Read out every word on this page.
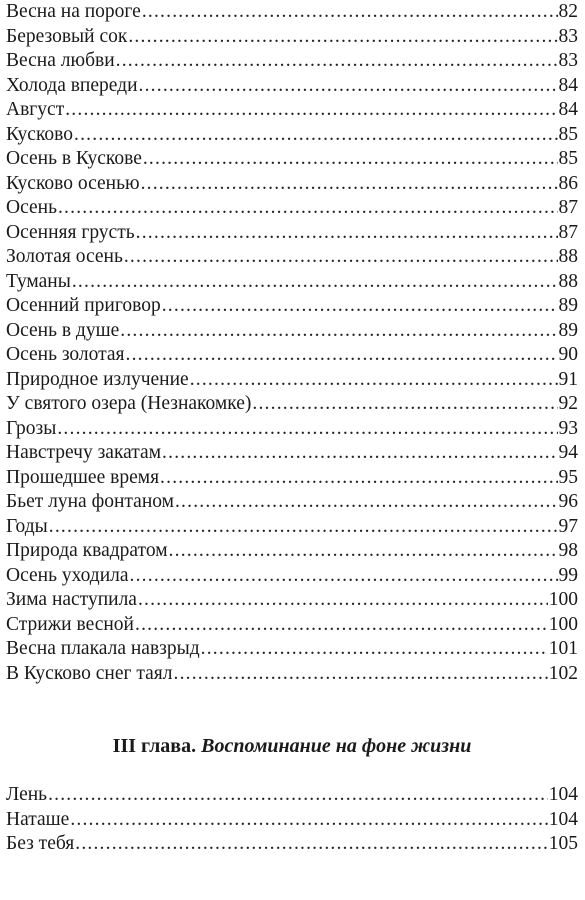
Весна на пороге .....	82
Березовый сок .....	83
Весна любви .....	83
Холода впереди .....	84
Август .....	84
Кусково .....	85
Осень в Кускове .....	85
Кусково осенью .....	86
Осень .....	87
Осенняя грусть .....	87
Золотая осень .....	88
Туманы .....	88
Осенний приговор .....	89
Осень в душе .....	89
Осень золотая .....	90
Природное излучение .....	91
У святого озера (Незнакомке) .....	92
Грозы .....	93
Навстречу закатам .....	94
Прошедшее время .....	95
Бьет луна фонтаном .....	96
Годы .....	97
Природа квадратом .....	98
Осень уходила .....	99
Зима наступила .....	100
Стрижи весной .....	100
Весна плакала навзрыд .....	101
В Кусково снег таял .....	102
III глава. Воспоминание на фоне жизни
Лень .....	104
Наташе .....	104
Без тебя .....	105
